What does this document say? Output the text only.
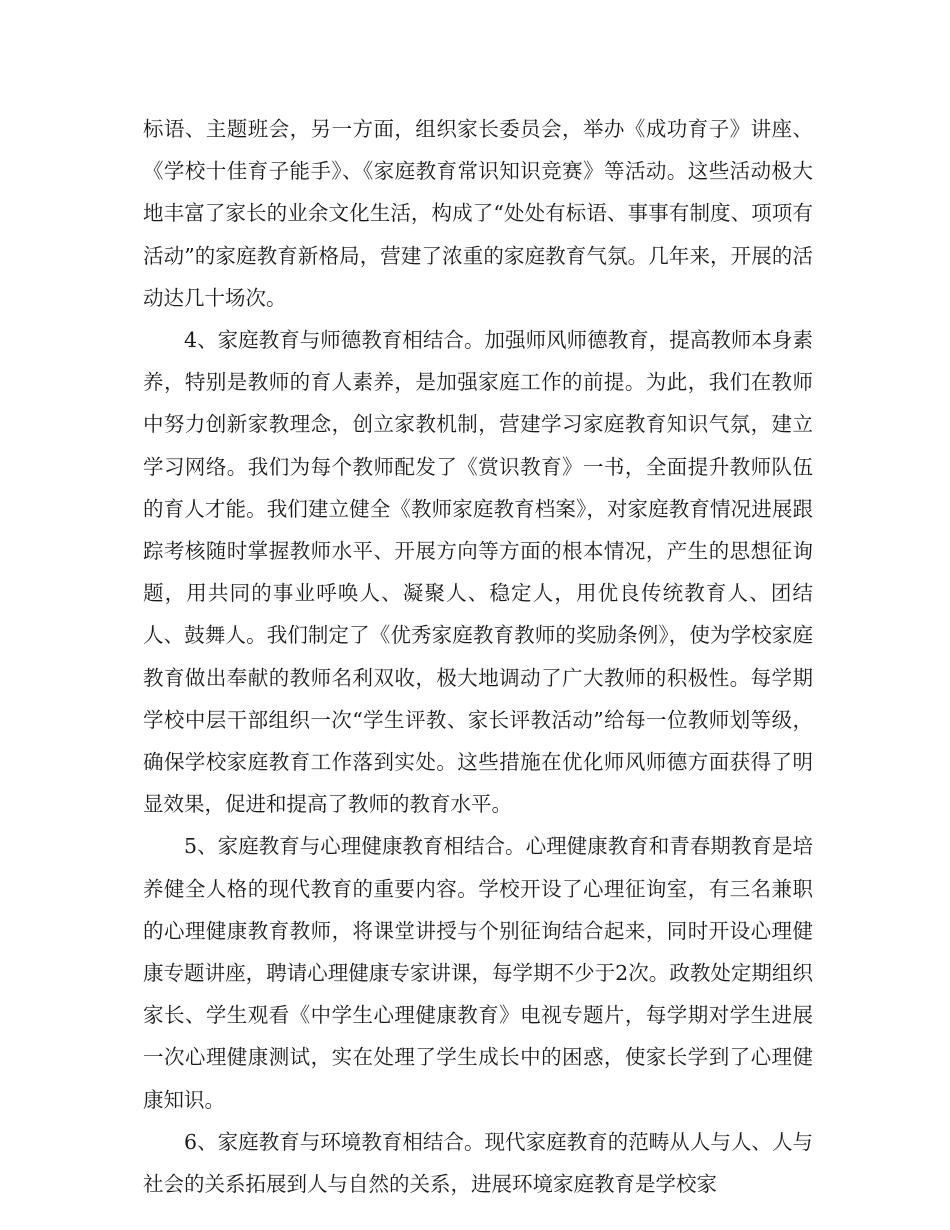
标语、主题班会，另一方面，组织家长委员会，举办《成功育子》讲座、《学校十佳育子能手》、《家庭教育常识知识竞赛》等活动。这些活动极大地丰富了家长的业余文化生活，构成了“处处有标语、事事有制度、项项有活动”的家庭教育新格局，营建了浓重的家庭教育气氛。几年来，开展的活动达几十场次。

4、家庭教育与师德教育相结合。加强师风师德教育，提高教师本身素养，特别是教师的育人素养，是加强家庭工作的前提。为此，我们在教师中努力创新家教理念，创立家教机制，营建学习家庭教育知识气氛，建立学习网络。我们为每个教师配发了《赏识教育》一书，全面提升教师队伍的育人才能。我们建立健全《教师家庭教育档案》，对家庭教育情况进展跟踪考核随时掌握教师水平、开展方向等方面的根本情况，产生的思想征询题，用共同的事业呼唤人、凝聚人、稳定人，用优良传统教育人、团结人、鼓舞人。我们制定了《优秀家庭教育教师的奖励条例》，使为学校家庭教育做出奉献的教师名利双收，极大地调动了广大教师的积极性。每学期学校中层干部组织一次“学生评教、家长评教活动”给每一位教师划等级，确保学校家庭教育工作落到实处。这些措施在优化师风师德方面获得了明显效果，促进和提高了教师的教育水平。

5、家庭教育与心理健康教育相结合。心理健康教育和青春期教育是培养健全人格的现代教育的重要内容。学校开设了心理征询室，有三名兼职的心理健康教育教师，将课堂讲授与个别征询结合起来，同时开设心理健康专题讲座，聘请心理健康专家讲课，每学期不少于2次。政教处定期组织家长、学生观看《中学生心理健康教育》电视专题片，每学期对学生进展一次心理健康测试，实在处理了学生成长中的困惑，使家长学到了心理健康知识。

6、家庭教育与环境教育相结合。现代家庭教育的范畴从人与人、人与社会的关系拓展到人与自然的关系，进展环境家庭教育是学校家
